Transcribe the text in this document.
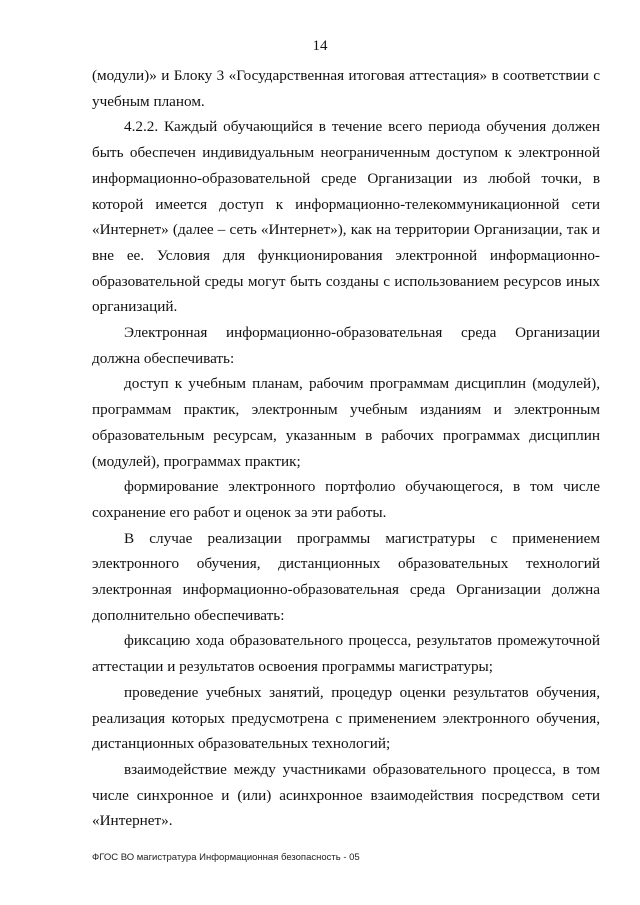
14

(модули)» и Блоку 3 «Государственная итоговая аттестация» в соответствии с учебным планом.

4.2.2. Каждый обучающийся в течение всего периода обучения должен быть обеспечен индивидуальным неограниченным доступом к электронной информационно-образовательной среде Организации из любой точки, в которой имеется доступ к информационно-телекоммуникационной сети «Интернет» (далее – сеть «Интернет»), как на территории Организации, так и вне ее. Условия для функционирования электронной информационно-образовательной среды могут быть созданы с использованием ресурсов иных организаций.

Электронная информационно-образовательная среда Организации должна обеспечивать:

доступ к учебным планам, рабочим программам дисциплин (модулей), программам практик, электронным учебным изданиям и электронным образовательным ресурсам, указанным в рабочих программах дисциплин (модулей), программах практик;

формирование электронного портфолио обучающегося, в том числе сохранение его работ и оценок за эти работы.

В случае реализации программы магистратуры с применением электронного обучения, дистанционных образовательных технологий электронная информационно-образовательная среда Организации должна дополнительно обеспечивать:

фиксацию хода образовательного процесса, результатов промежуточной аттестации и результатов освоения программы магистратуры;

проведение учебных занятий, процедур оценки результатов обучения, реализация которых предусмотрена с применением электронного обучения, дистанционных образовательных технологий;

взаимодействие между участниками образовательного процесса, в том числе синхронное и (или) асинхронное взаимодействия посредством сети «Интернет».

ФГОС ВО магистратура Информационная безопасность - 05
